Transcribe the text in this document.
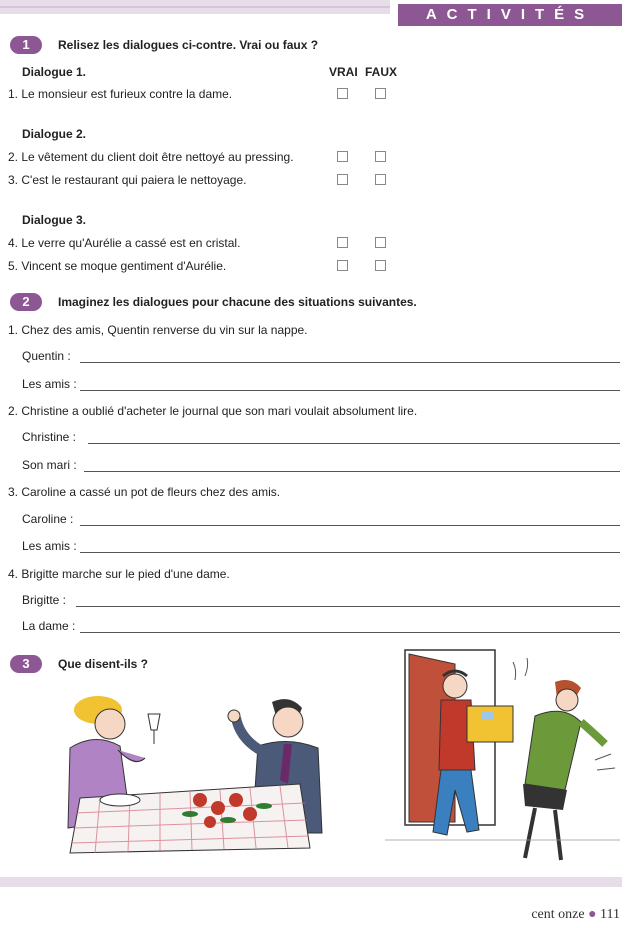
ACTIVITÉS
1	Relisez les dialogues ci-contre. Vrai ou faux ?
Dialogue 1.	VRAI FAUX
1. Le monsieur est furieux contre la dame.
Dialogue 2.
2. Le vêtement du client doit être nettoyé au pressing.
3. C'est le restaurant qui paiera le nettoyage.
Dialogue 3.
4. Le verre qu'Aurélie a cassé est en cristal.
5. Vincent se moque gentiment d'Aurélie.
2	Imaginez les dialogues pour chacune des situations suivantes.
1. Chez des amis, Quentin renverse du vin sur la nappe.
Quentin :
Les amis :
2. Christine a oublié d'acheter le journal que son mari voulait absolument lire.
Christine :
Son mari :
3. Caroline a cassé un pot de fleurs chez des amis.
Caroline :
Les amis :
4. Brigitte marche sur le pied d'une dame.
Brigitte :
La dame :
3	Que disent-ils ?
cent onze ● 111
